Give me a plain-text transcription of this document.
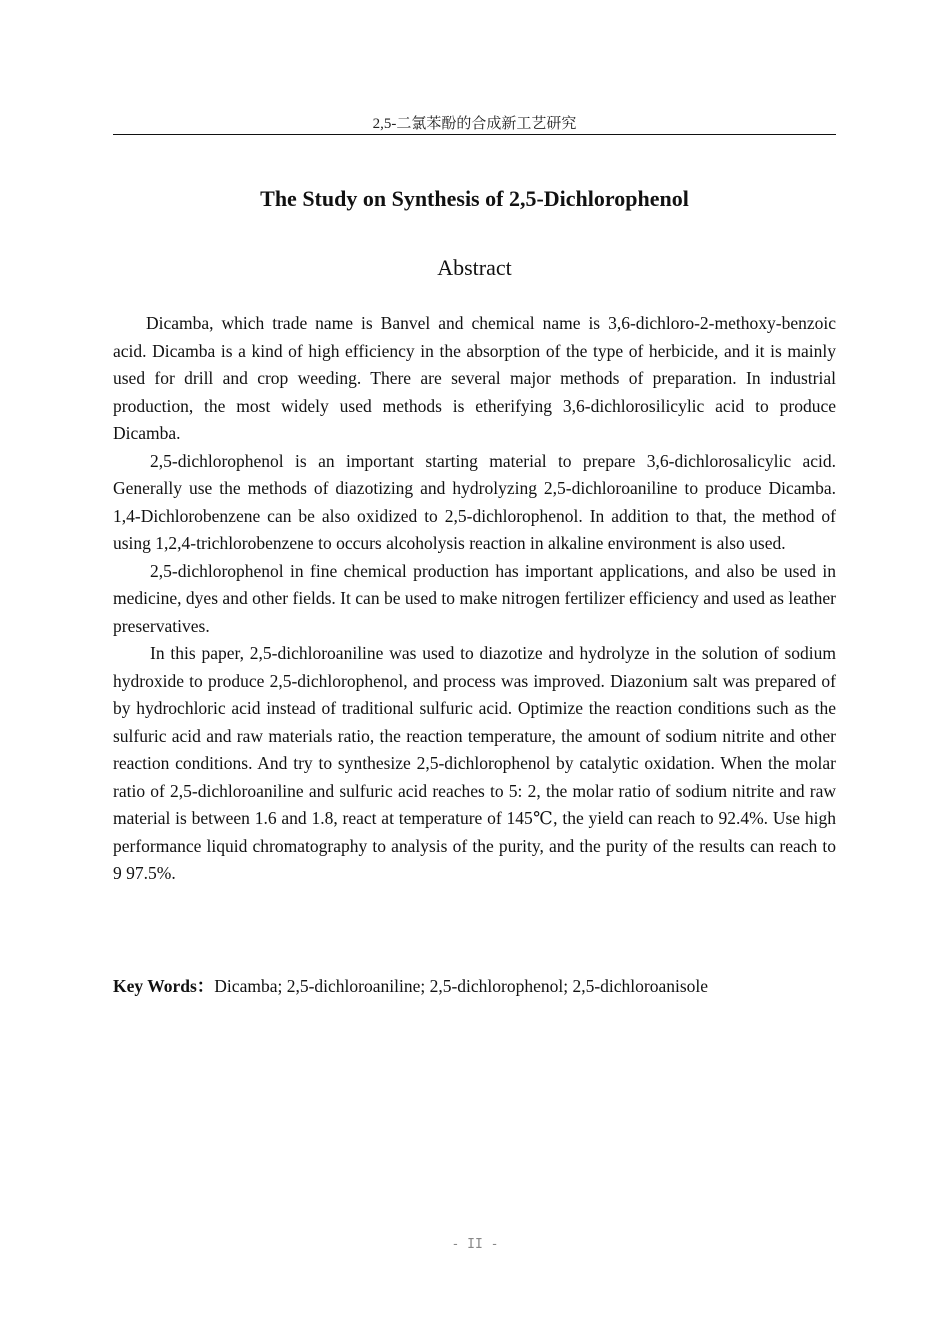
2,5-二氯苯酚的合成新工艺研究
The Study on Synthesis of 2,5-Dichlorophenol
Abstract

Dicamba, which trade name is Banvel and chemical name is 3,6-dichloro-2-methoxy-benzoic acid. Dicamba is a kind of high efficiency in the absorption of the type of herbicide, and it is mainly used for drill and crop weeding. There are several major methods of preparation. In industrial production, the most widely used methods is etherifying 3,6-dichlorosilicylic acid to produce Dicamba.

2,5-dichlorophenol is an important starting material to prepare 3,6-dichlorosalicylic acid. Generally use the methods of diazotizing and hydrolyzing 2,5-dichloroaniline to produce Dicamba. 1,4-Dichlorobenzene can be also oxidized to 2,5-dichlorophenol. In addition to that, the method of using 1,2,4-trichlorobenzene to occurs alcoholysis reaction in alkaline environment is also used.

2,5-dichlorophenol in fine chemical production has important applications, and also be used in medicine, dyes and other fields. It can be used to make nitrogen fertilizer efficiency and used as leather preservatives.

In this paper, 2,5-dichloroaniline was used to diazotize and hydrolyze in the solution of sodium hydroxide to produce 2,5-dichlorophenol, and process was improved. Diazonium salt was prepared of by hydrochloric acid instead of traditional sulfuric acid. Optimize the reaction conditions such as the sulfuric acid and raw materials ratio, the reaction temperature, the amount of sodium nitrite and other reaction conditions. And try to synthesize 2,5-dichlorophenol by catalytic oxidation. When the molar ratio of 2,5-dichloroaniline and sulfuric acid reaches to 5: 2, the molar ratio of sodium nitrite and raw material is between 1.6 and 1.8, react at temperature of 145℃, the yield can reach to 92.4%. Use high performance liquid chromatography to analysis of the purity, and the purity of the results can reach to 9 97.5%.

Key Words：Dicamba; 2,5-dichloroaniline; 2,5-dichlorophenol; 2,5-dichloroanisole
- II -
